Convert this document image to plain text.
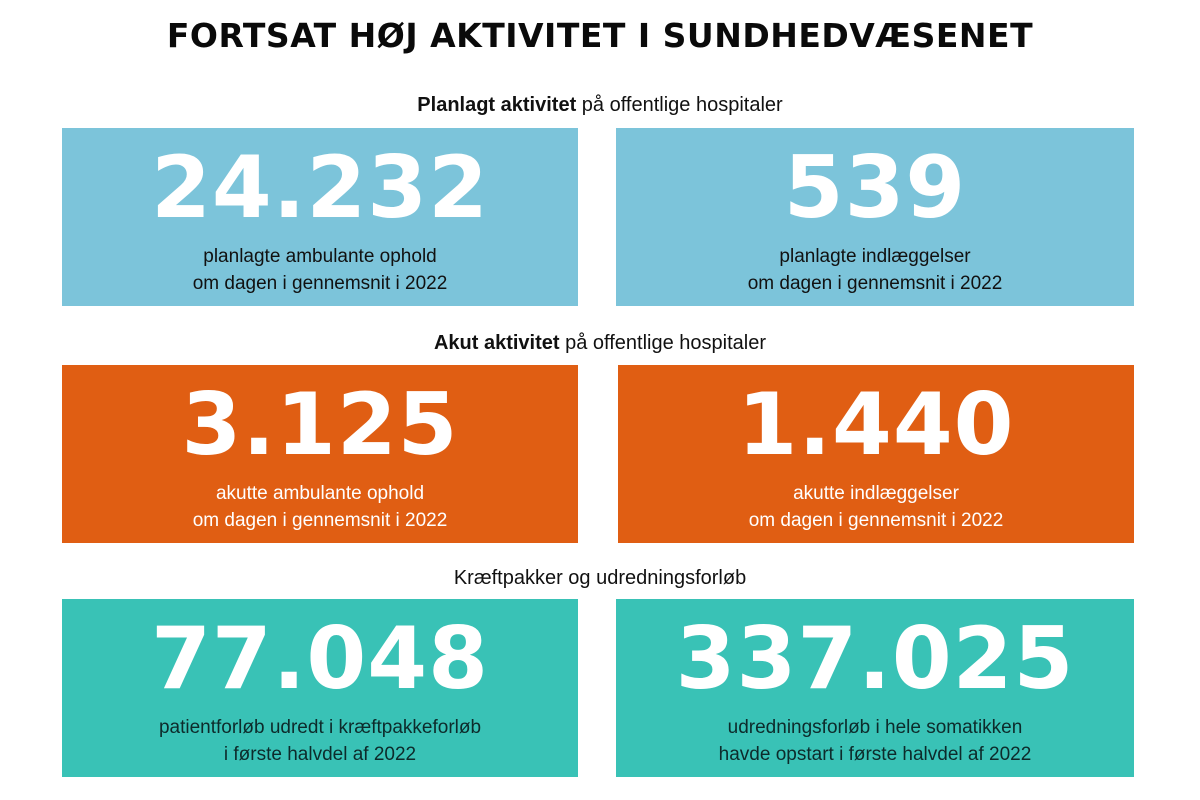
FORTSAT HØJ AKTIVITET I SUNDHEDVÆSENET
Planlagt aktivitet på offentlige hospitaler
24.232
planlagte ambulante ophold
om dagen i gennemsnit i 2022
539
planlagte indlæggelser
om dagen i gennemsnit i 2022
Akut aktivitet på offentlige hospitaler
3.125
akutte ambulante ophold
om dagen i gennemsnit i 2022
1.440
akutte indlæggelser
om dagen i gennemsnit i 2022
Kræftpakker og udredningsforløb
77.048
patientforløb udredt i kræftpakkeforløb
i første halvdel af 2022
337.025
udredningsforløb i hele somatikken
havde opstart i første halvdel af 2022
